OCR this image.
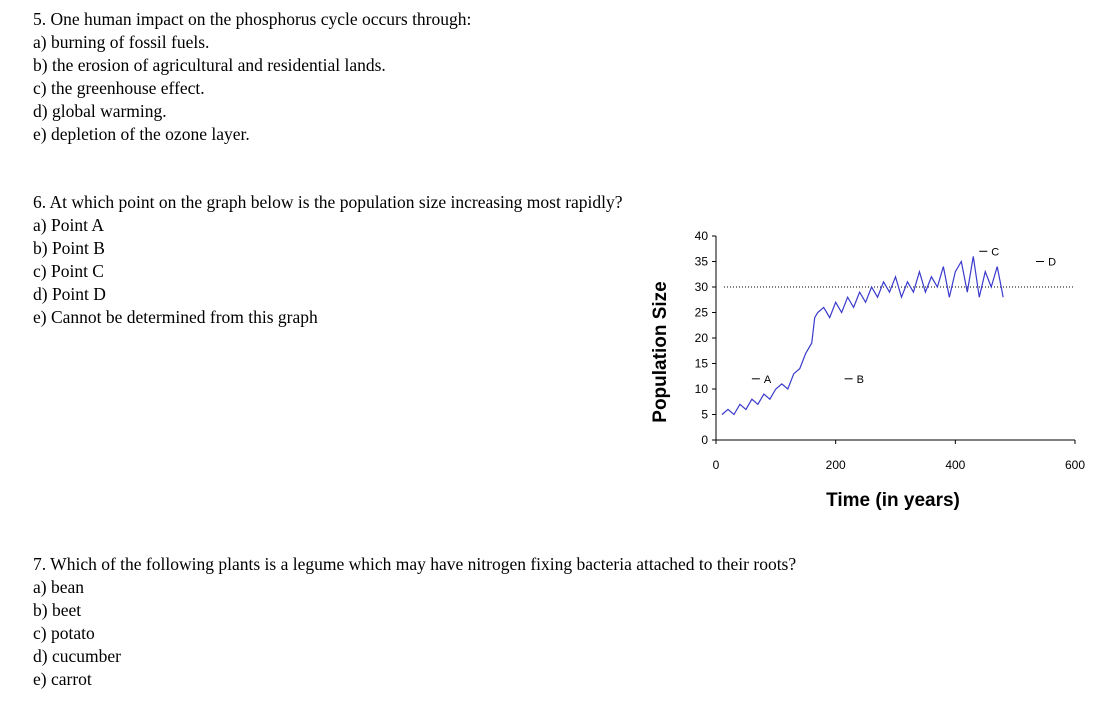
5. One human impact on the phosphorus cycle occurs through:
a) burning of fossil fuels.
b) the erosion of agricultural and residential lands.
c) the greenhouse effect.
d) global warming.
e) depletion of the ozone layer.
6. At which point on the graph below is the population size increasing most rapidly?
a) Point A
b) Point B
c) Point C
d) Point D
e) Cannot be determined from this graph	Population Size
Time (in years)
0
5
10
15
20
25
30
35
40
0	200	400	600
A	B
C
D
7. Which of the following plants is a legume which may have nitrogen fixing bacteria attached to their roots?
a) bean
b) beet
c) potato
d) cucumber
e) carrot
